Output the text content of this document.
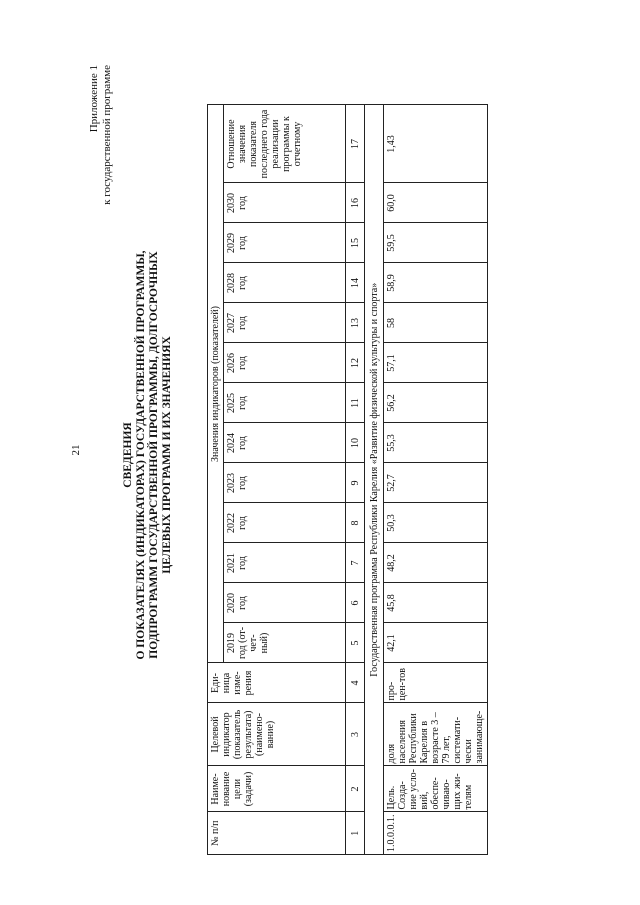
21
Приложение 1 к государственной программе
СВЕДЕНИЯ О ПОКАЗАТЕЛЯХ (ИНДИКАТОРАХ) ГОСУДАРСТВЕННОЙ ПРОГРАММЫ, ПОДПРОГРАММ ГОСУДАРСТВЕННОЙ ПРОГРАММЫ, ДОЛГОСРОЧНЫХ ЦЕЛЕВЫХ ПРОГРАММ И ИХ ЗНАЧЕНИЯХ
№ п/п	Наиме-нование цели (задачи)	Целевой индикатор (показатель результата) (наимено-вание)	Еди-ница изме-рения	Значения индикаторов (показателей)												
				2019 год (от-чет-ный)	2020 год	2021 год	2022 год	2023 год	2024 год	2025 год	2026 год	2027 год	2028 год	2029 год	2030 год	Отношение значения показателя последнего года реализации программы к отчетному
1	2	3	4	5	6	7	8	9	10	11	12	13	14	15	16	17
Государственная программа Республики Карелия «Развитие физической культуры и спорта»																
1.0.0.0.1.	Цель. Созда-ние усло-вий, обеспе-чиваю-щих жи-телям	доля населения Республики Карелия в возрасте 3 – 79 лет, системати-чески занимающе-	про-цен-тов	42,1	45,8	48,2	50,3	52,7	55,3	56,2	57,1	58	58,9	59,5	60,0	1,43
